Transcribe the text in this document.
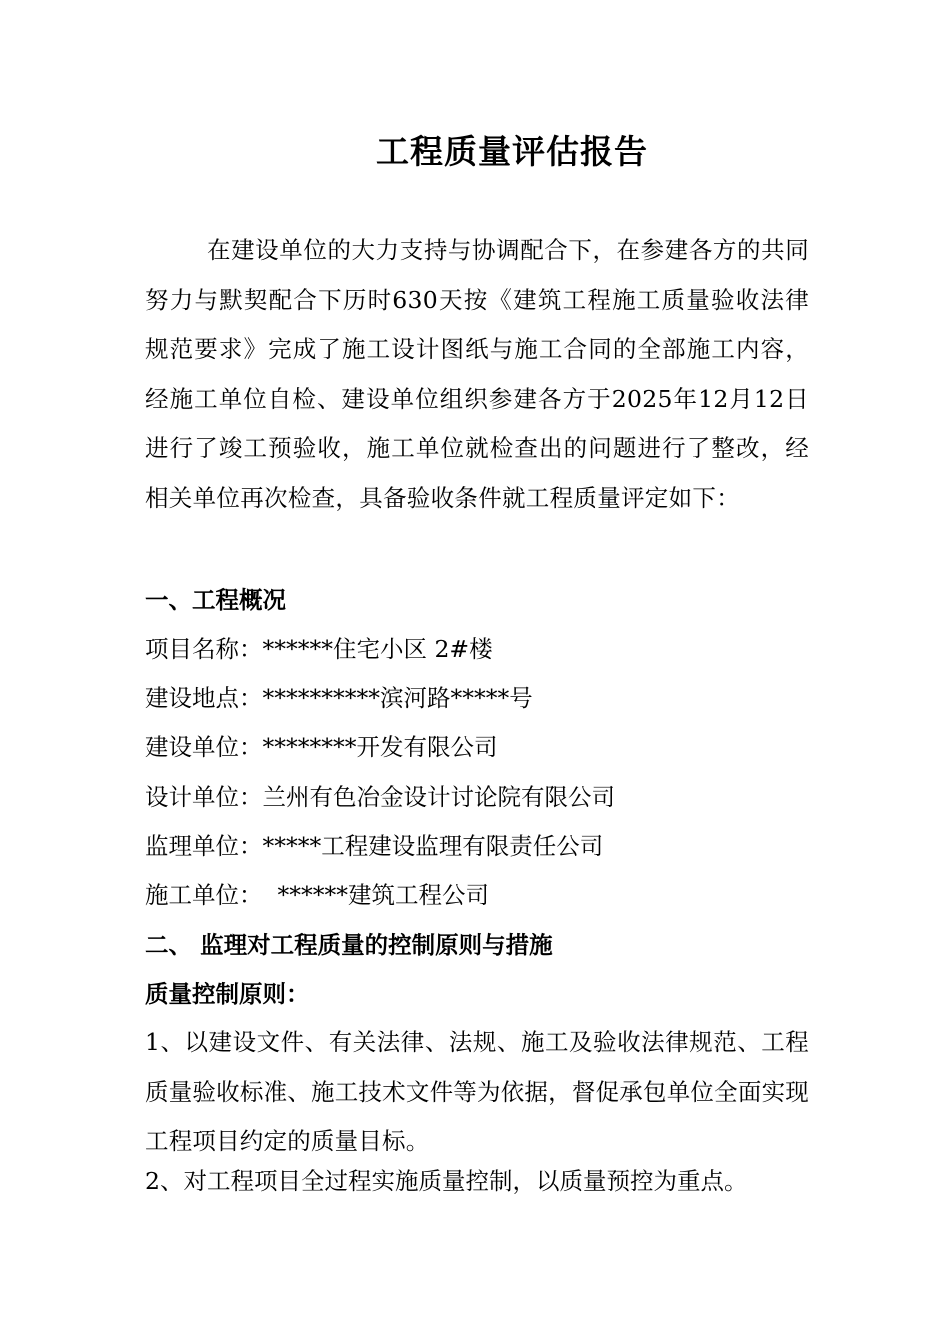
工程质量评估报告
在建设单位的大力支持与协调配合下，在参建各方的共同努力与默契配合下历时630天按《建筑工程施工质量验收法律规范要求》完成了施工设计图纸与施工合同的全部施工内容，经施工单位自检、建设单位组织参建各方于2025年12月12日进行了竣工预验收，施工单位就检查出的问题进行了整改，经相关单位再次检查，具备验收条件就工程质量评定如下：
一、工程概况
项目名称：******住宅小区 2#楼
建设地点：**********滨河路*****号
建设单位：********开发有限公司
设计单位：兰州有色冶金设计讨论院有限公司
监理单位：*****工程建设监理有限责任公司
施工单位：  ******建筑工程公司
二、 监理对工程质量的控制原则与措施
质量控制原则：
1、以建设文件、有关法律、法规、施工及验收法律规范、工程质量验收标准、施工技术文件等为依据，督促承包单位全面实现工程项目约定的质量目标。
2、对工程项目全过程实施质量控制，以质量预控为重点。
